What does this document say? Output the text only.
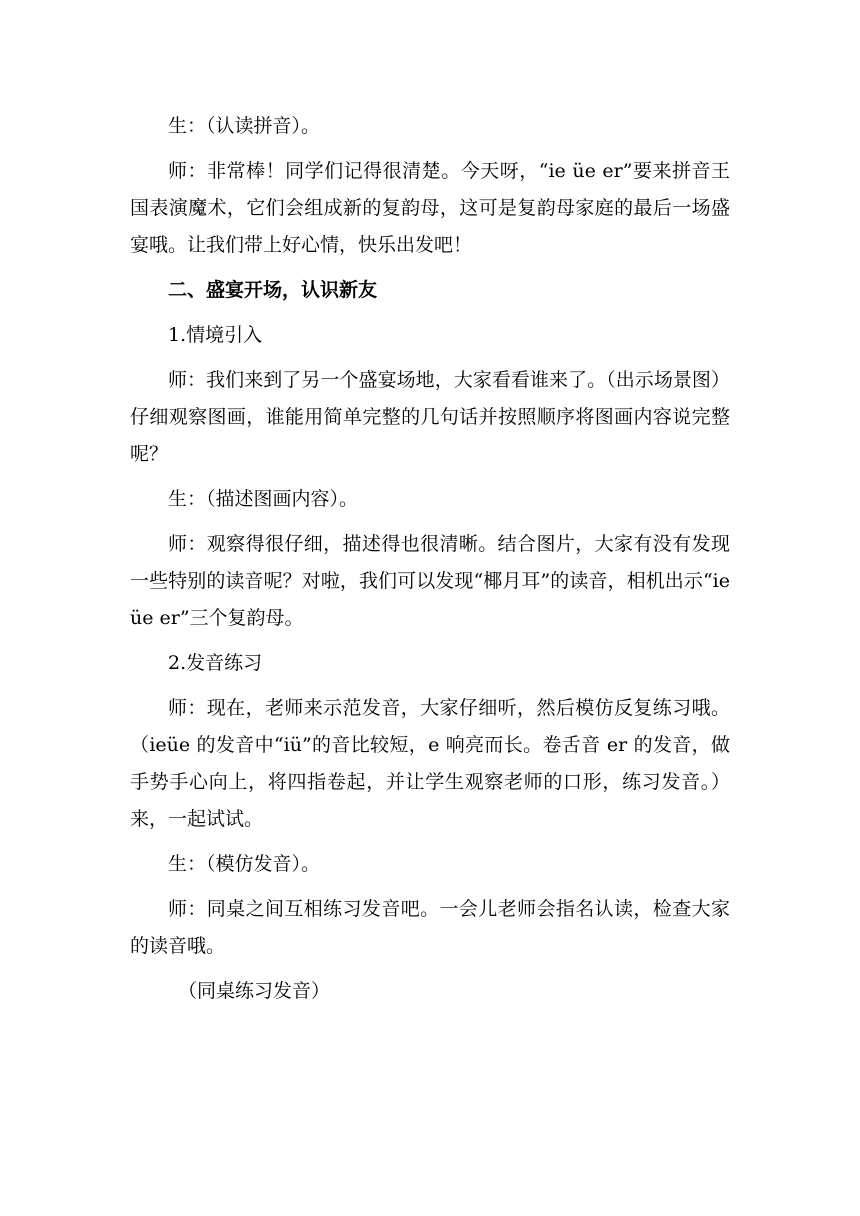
生：（认读拼音）。

师：非常棒！同学们记得很清楚。今天呀，“ie üe er”要来拼音王国表演魔术，它们会组成新的复韵母，这可是复韵母家庭的最后一场盛宴哦。让我们带上好心情，快乐出发吧！

二、盛宴开场，认识新友

1.情境引入

师：我们来到了另一个盛宴场地，大家看看谁来了。（出示场景图）仔细观察图画，谁能用简单完整的几句话并按照顺序将图画内容说完整呢？

生：（描述图画内容）。

师：观察得很仔细，描述得也很清晰。结合图片，大家有没有发现一些特别的读音呢？对啦，我们可以发现“椰月耳”的读音，相机出示“ie üe er”三个复韵母。

2.发音练习

师：现在，老师来示范发音，大家仔细听，然后模仿反复练习哦。（ieüe 的发音中“iü”的音比较短，e 响亮而长。卷舌音 er 的发音，做手势手心向上，将四指卷起，并让学生观察老师的口形，练习发音。）来，一起试试。

生：（模仿发音）。

师：同桌之间互相练习发音吧。一会儿老师会指名认读，检查大家的读音哦。

（同桌练习发音）
